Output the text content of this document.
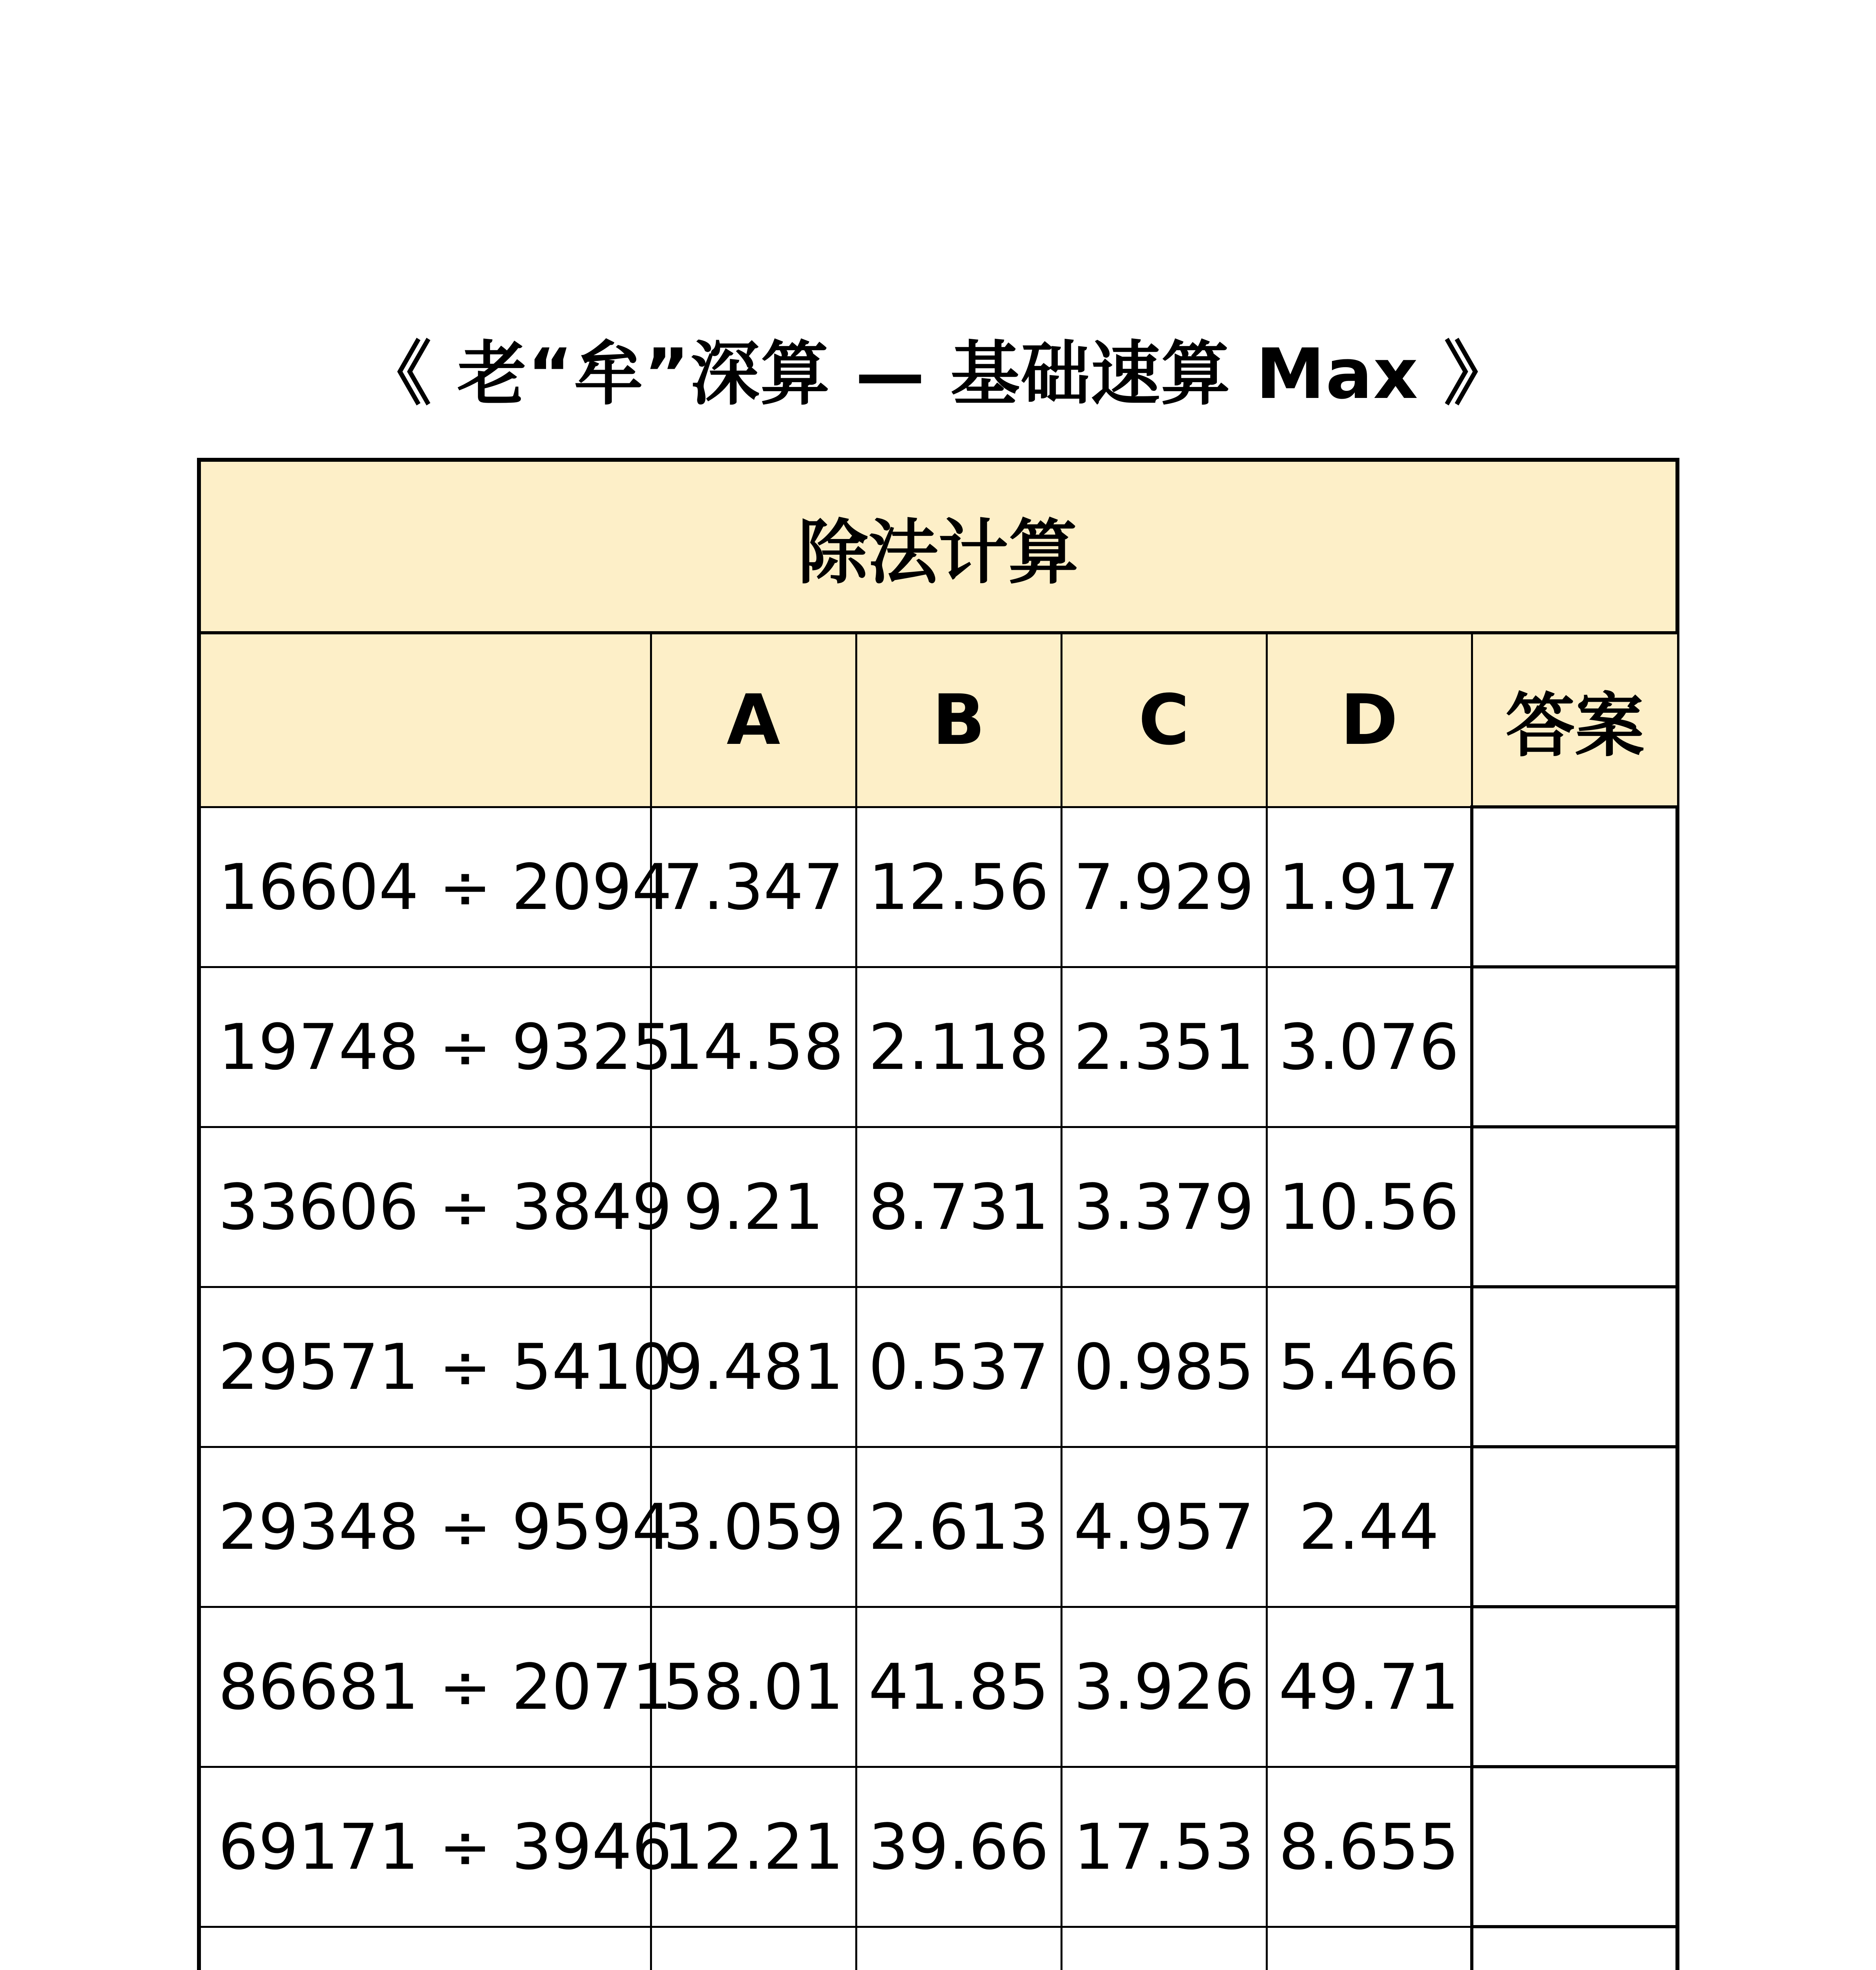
《 老“牟”深算 — 基础速算 Max 》
除法计算
	A	B	C	D	答案
16604 ÷ 2094	7.347	12.56	7.929	1.917	
19748 ÷ 9325	14.58	2.118	2.351	3.076	
33606 ÷ 3849	9.21	8.731	3.379	10.56	
29571 ÷ 5410	9.481	0.537	0.985	5.466	
29348 ÷ 9594	3.059	2.613	4.957	2.44	
86681 ÷ 2071	58.01	41.85	3.926	49.71	
69171 ÷ 3946	12.21	39.66	17.53	8.655	
